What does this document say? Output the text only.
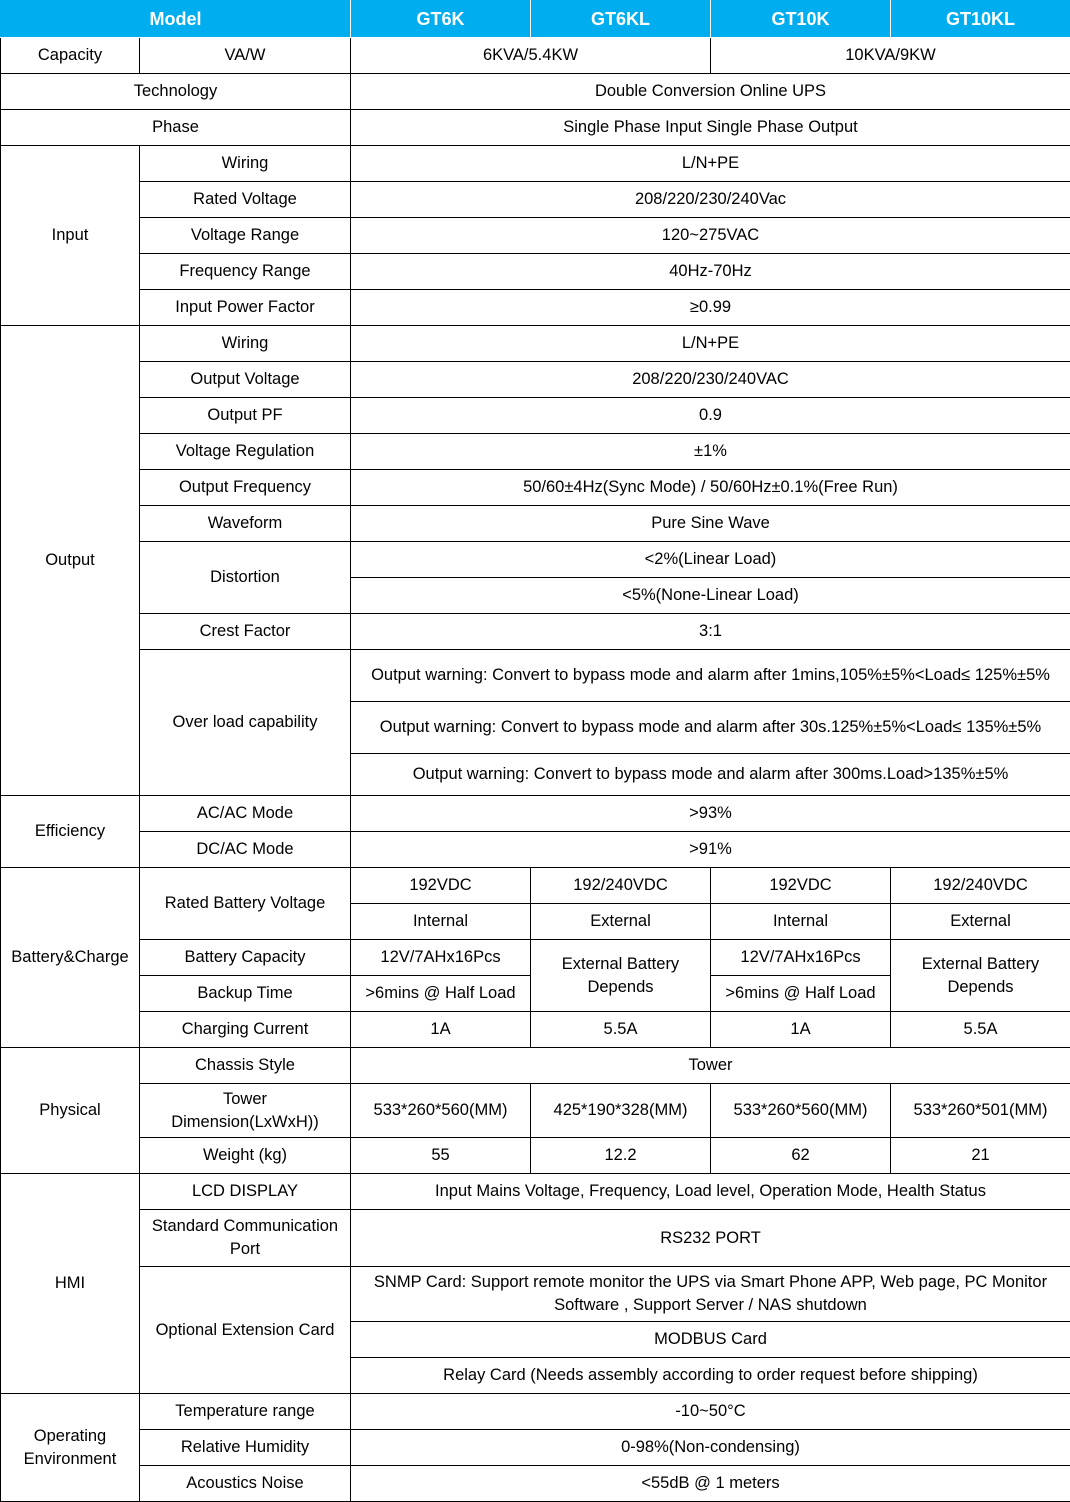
Model		GT6K	GT6KL	GT10K	GT10KL
Capacity	VA/W	6KVA/5.4KW		10KVA/9KW	
Technology		Double Conversion Online UPS			
Phase		Single Phase Input Single Phase Output			
Input	Wiring	L/N+PE			
	Rated Voltage	208/220/230/240Vac			
	Voltage Range	120~275VAC			
	Frequency Range	40Hz-70Hz			
	Input Power Factor	≥0.99			
Output	Wiring	L/N+PE			
	Output Voltage	208/220/230/240VAC			
	Output PF	0.9			
	Voltage Regulation	±1%			
	Output Frequency	50/60±4Hz(Sync Mode) / 50/60Hz±0.1%(Free Run)			
	Waveform	Pure Sine Wave			
	Distortion	<2%(Linear Load)			
		<5%(None-Linear Load)			
	Crest Factor	3:1			
	Over load capability	Output warning: Convert to bypass mode and alarm after 1mins,105%±5%<Load≤ 125%±5%			
		Output warning: Convert to bypass mode and alarm after 30s.125%±5%<Load≤ 135%±5%			
		Output warning: Convert to bypass mode and alarm after 300ms.Load>135%±5%			
Efficiency	AC/AC Mode	>93%			
	DC/AC Mode	>91%			
Battery&Charge	Rated Battery Voltage	192VDC	192/240VDC	192VDC	192/240VDC
		Internal	External	Internal	External
	Battery Capacity	12V/7AHx16Pcs	External Battery Depends	12V/7AHx16Pcs	External Battery Depends
	Backup Time	>6mins @ Half Load		>6mins @ Half Load	
	Charging Current	1A	5.5A	1A	5.5A
Physical	Chassis Style	Tower			
	Tower Dimension(LxWxH))	533*260*560(MM)	425*190*328(MM)	533*260*560(MM)	533*260*501(MM)
	Weight (kg)	55	12.2	62	21
HMI	LCD DISPLAY	Input Mains Voltage, Frequency, Load level, Operation Mode, Health Status			
	Standard Communication Port	RS232 PORT			
	Optional Extension Card	SNMP Card: Support remote monitor the UPS via Smart Phone APP, Web page, PC Monitor Software , Support Server / NAS shutdown			
		MODBUS Card			
		Relay Card (Needs assembly according to order request before shipping)			
Operating Environment	Temperature range	-10~50°C			
	Relative Humidity	0-98%(Non-condensing)			
	Acoustics Noise	<55dB @ 1 meters			
